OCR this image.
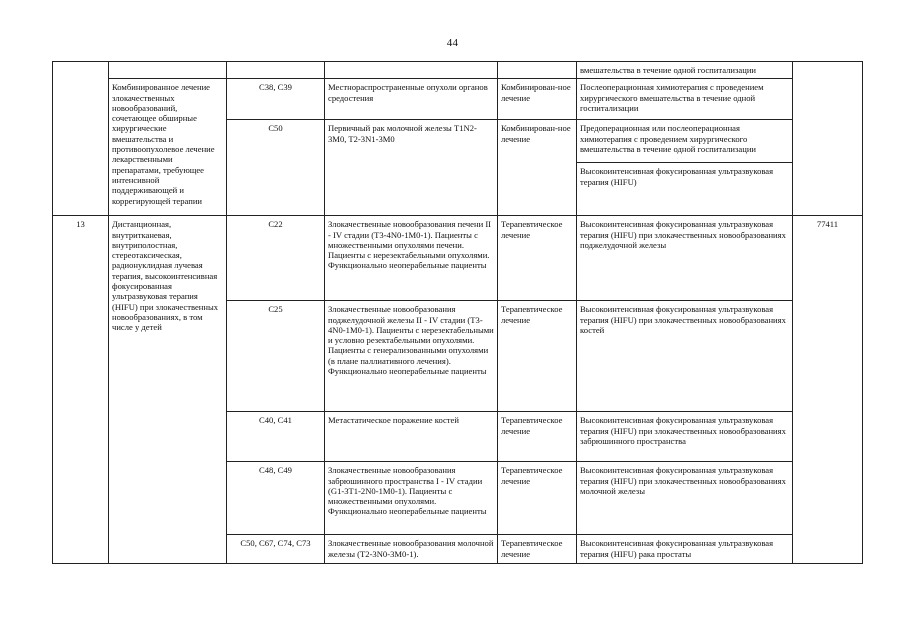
44
					вмешательства в течение одной госпитализации	
	Комбинированное лечение злокачественных новообразований, сочетающее обширные хирургические вмешательства и противоопухолевое лечение лекарственными препаратами, требующее интенсивной поддерживающей и коррегирующей терапии	C38, C39	Местнораспространенные опухоли органов средостения	Комбинирован-ное лечение	Послеоперационная химиотерапия с проведением хирургического вмешательства в течение одной госпитализации	
		C50	Первичный рак молочной железы T1N2-3M0, T2-3N1-3M0	Комбинирован-ное лечение	Предоперационная или послеоперационная химиотерапия с проведением хирургического вмешательства в течение одной госпитализации	
					Высокоинтенсивная фокусированная ультразвуковая терапия (HIFU)	
13	Дистанционная, внутритканевая, внутриполостная, стереотаксическая, радионуклидная лучевая терапия, высокоинтенсивная фокусированная ультразвуковая терапия (HIFU) при злокачественных новообразованиях, в том числе у детей	C22	Злокачественные новообразования печени II - IV стадии (T3-4N0-1M0-1). Пациенты с множественными опухолями печени. Пациенты с нерезектабельными опухолями. Функционально неоперабельные пациенты	Терапевтическое лечение	Высокоинтенсивная фокусированная ультразвуковая терапия (HIFU) при злокачественных новообразованиях поджелудочной железы	77411
		C25	Злокачественные новообразования поджелудочной железы II - IV стадии (T3-4N0-1M0-1). Пациенты с нерезектабельными и условно резектабельными опухолями. Пациенты с генерализованными опухолями (в плане паллиативного лечения). Функционально неоперабельные пациенты	Терапевтическое лечение	Высокоинтенсивная фокусированная ультразвуковая терапия (HIFU) при злокачественных новообразованиях костей	
		C40, C41	Метастатическое поражение костей	Терапевтическое лечение	Высокоинтенсивная фокусированная ультразвуковая терапия (HIFU) при злокачественных новообразованиях забрюшинного пространства	
		C48, C49	Злокачественные новообразования забрюшинного пространства I - IV стадии (G1-3T1-2N0-1M0-1). Пациенты с множественными опухолями. Функционально неоперабельные пациенты	Терапевтическое лечение	Высокоинтенсивная фокусированная ультразвуковая терапия (HIFU) при злокачественных новообразованиях молочной железы	
		C50, C67, C74, C73	Злокачественные новообразования молочной железы (T2-3N0-3M0-1).	Терапевтическое лечение	Высокоинтенсивная фокусированная ультразвуковая терапия (HIFU) рака простаты	
